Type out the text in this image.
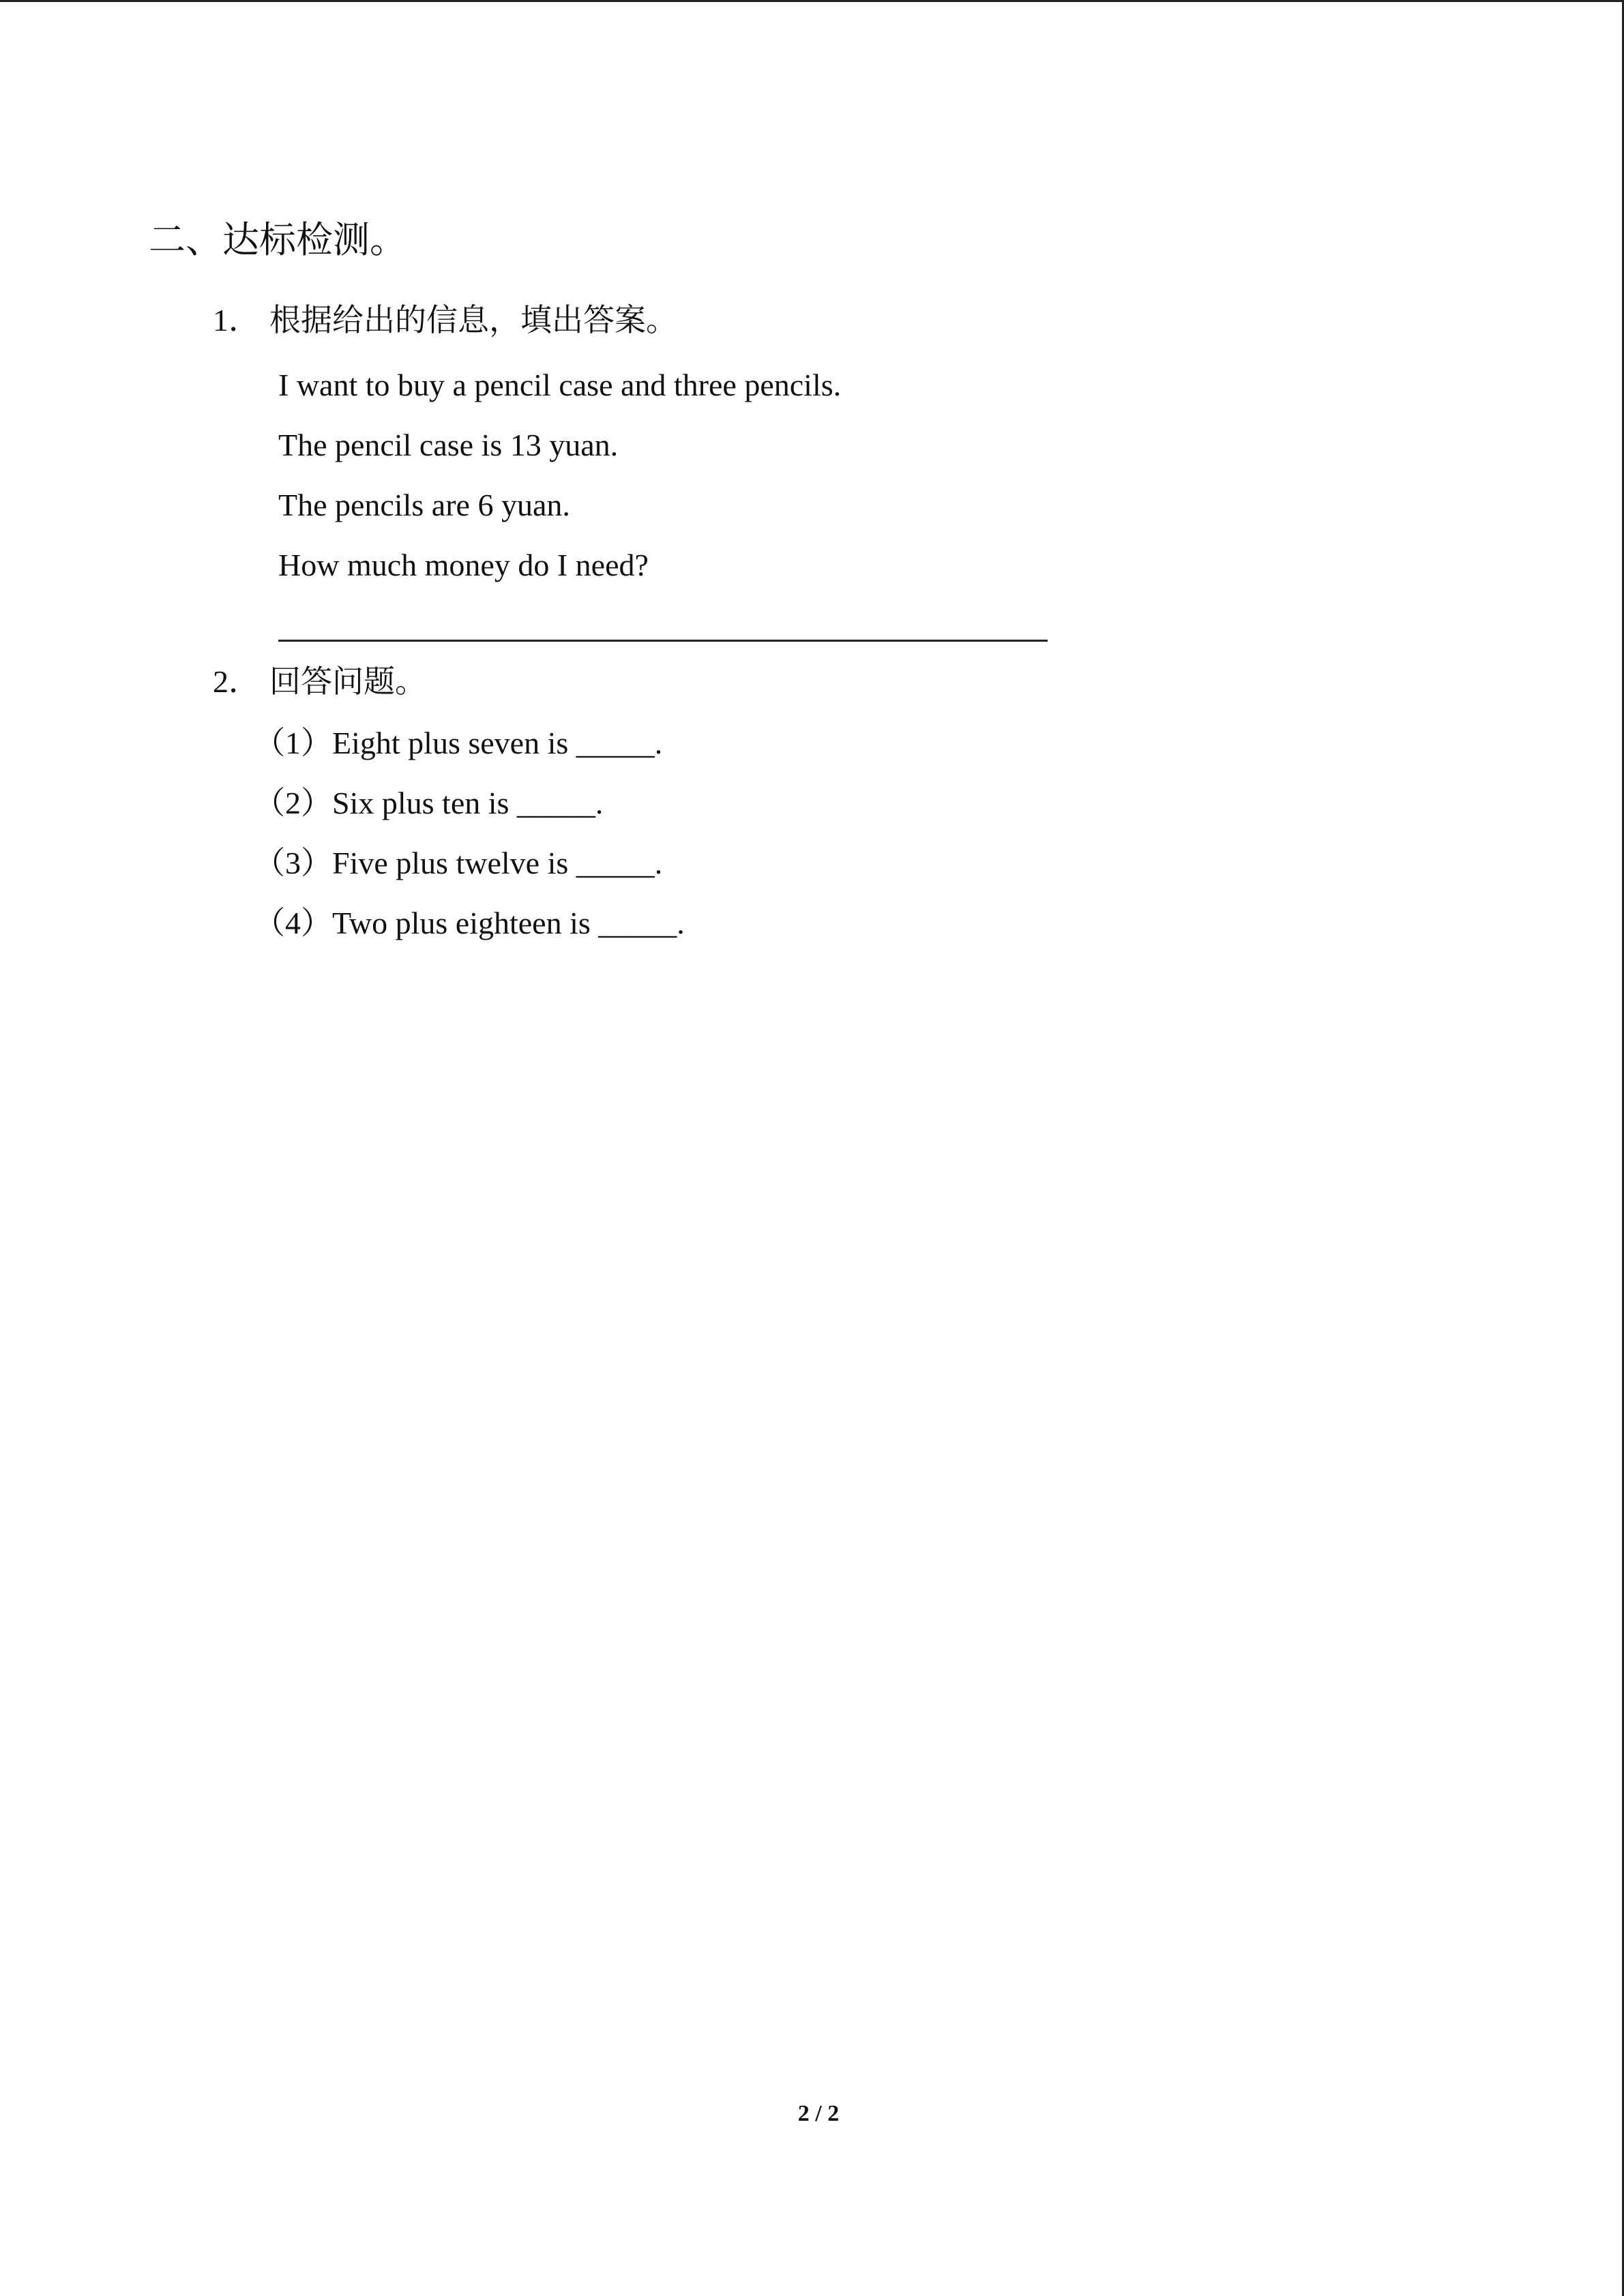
二、达标检测。
1． 根据给出的信息，填出答案。
I want to buy a pencil case and three pencils.
The pencil case is 13 yuan.
The pencils are 6 yuan.
How much money do I need?
2． 回答问题。
（1）Eight plus seven is _____.
（2）Six plus ten is _____.
（3）Five plus twelve is _____.
（4）Two plus eighteen is _____.
2 / 2
